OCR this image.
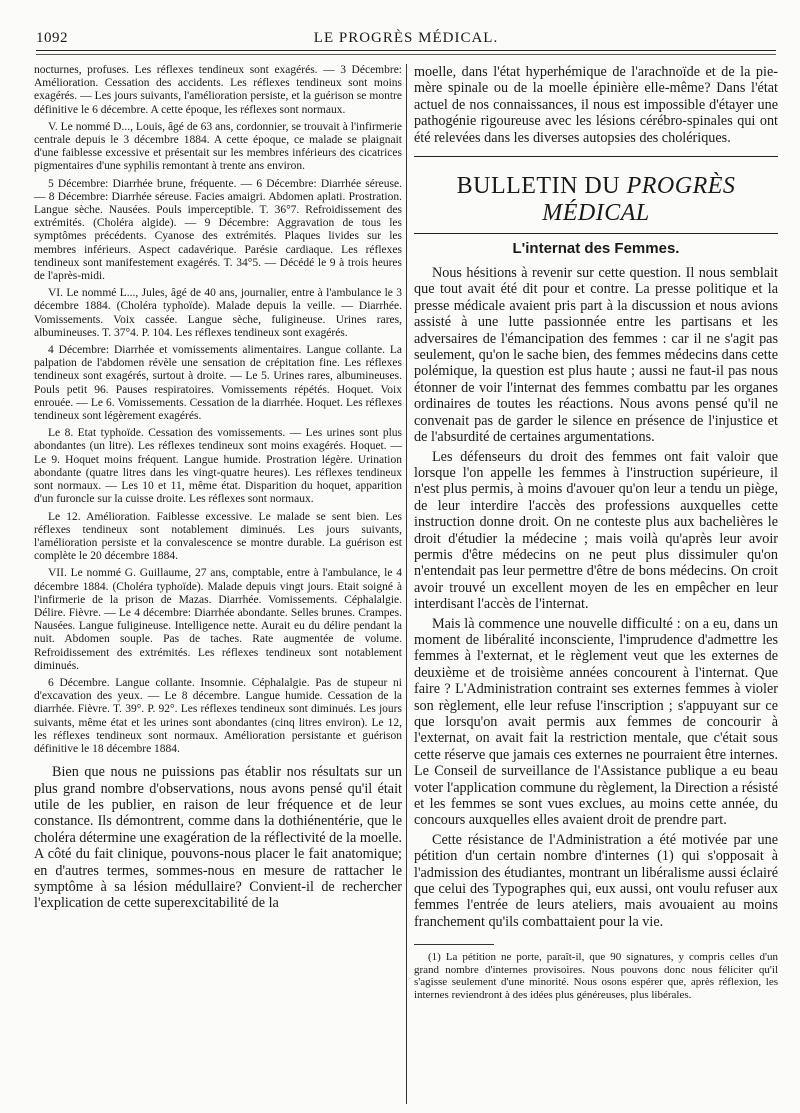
1092	LE PROGRÈS MÉDICAL.

nocturnes, profuses. Les réflexes tendineux sont exagérés. — 3 Décembre: Amélioration. Cessation des accidents. Les réflexes tendineux sont moins exagérés. — Les jours suivants, l'amélioration persiste, et la guérison se montre définitive le 6 décembre. A cette époque, les réflexes sont normaux.

V. Le nommé D..., Louis, âgé de 63 ans, cordonnier, se trouvait à l'infirmerie centrale depuis le 3 décembre 1884. A cette époque, ce malade se plaignait d'une faiblesse excessive et présentait sur les membres inférieurs des cicatrices pigmentaires d'une syphilis remontant à trente ans environ.

5 Décembre: Diarrhée brune, fréquente. — 6 Décembre: Diarrhée séreuse. — 8 Décembre: Diarrhée séreuse. Facies amaigri. Abdomen aplati. Prostration. Langue sèche. Nausées. Pouls imperceptible. T. 36°7. Refroidissement des extrémités. (Choléra algide). — 9 Décembre: Aggravation de tous les symptômes précédents. Cyanose des extrémités. Plaques livides sur les membres inférieurs. Aspect cadavérique. Parésie cardiaque. Les réflexes tendineux sont manifestement exagérés. T. 34°5. — Décédé le 9 à trois heures de l'après-midi.

VI. Le nommé L..., Jules, âgé de 40 ans, journalier, entre à l'ambulance le 3 décembre 1884. (Choléra typhoïde). Malade depuis la veille. — Diarrhée. Vomissements. Voix cassée. Langue sèche, fuligineuse. Urines rares, albumineuses. T. 37°4. P. 104. Les réflexes tendineux sont exagérés.

4 Décembre: Diarrhée et vomissements alimentaires. Langue collante. La palpation de l'abdomen révèle une sensation de crépitation fine. Les réflexes tendineux sont exagérés, surtout à droite. — Le 5. Urines rares, albumineuses. Pouls petit 96. Pauses respiratoires. Vomissements répétés. Hoquet. Voix enrouée. — Le 6. Vomissements. Cessation de la diarrhée. Hoquet. Les réflexes tendineux sont légèrement exagérés.

Le 8. Etat typhoïde. Cessation des vomissements. — Les urines sont plus abondantes (un litre). Les réflexes tendineux sont moins exagérés. Hoquet. — Le 9. Hoquet moins fréquent. Langue humide. Prostration légère. Urination abondante (quatre litres dans les vingt-quatre heures). Les réflexes tendineux sont normaux. — Les 10 et 11, même état. Disparition du hoquet, apparition d'un furoncle sur la cuisse droite. Les réflexes sont normaux.

Le 12. Amélioration. Faiblesse excessive. Le malade se sent bien. Les réflexes tendineux sont notablement diminués. Les jours suivants, l'amélioration persiste et la convalescence se montre durable. La guérison est complète le 20 décembre 1884.

VII. Le nommé G. Guillaume, 27 ans, comptable, entre à l'ambulance, le 4 décembre 1884. (Choléra typhoïde). Malade depuis vingt jours. Etait soigné à l'infirmerie de la prison de Mazas. Diarrhée. Vomissements. Céphalalgie. Délire. Fièvre. — Le 4 décembre: Diarrhée abondante. Selles brunes. Crampes. Nausées. Langue fuligineuse. Intelligence nette. Aurait eu du délire pendant la nuit. Abdomen souple. Pas de taches. Rate augmentée de volume. Refroidissement des extrémités. Les réflexes tendineux sont notablement diminués.

6 Décembre. Langue collante. Insomnie. Céphalalgie. Pas de stupeur ni d'excavation des yeux. — Le 8 décembre. Langue humide. Cessation de la diarrhée. Fièvre. T. 39°. P. 92°. Les réflexes tendineux sont diminués. Les jours suivants, même état et les urines sont abondantes (cinq litres environ). Le 12, les réflexes tendineux sont normaux. Amélioration persistante et guérison définitive le 18 décembre 1884.

Bien que nous ne puissions pas établir nos résultats sur un plus grand nombre d'observations, nous avons pensé qu'il était utile de les publier, en raison de leur fréquence et de leur constance. Ils démontrent, comme dans la dothiénentérie, que le choléra détermine une exagération de la réflectivité de la moelle. A côté du fait clinique, pouvons-nous placer le fait anatomique; en d'autres termes, sommes-nous en mesure de rattacher le symptôme à sa lésion médullaire? Convient-il de rechercher l'explication de cette superexcitabilité de la

moelle, dans l'état hyperhémique de l'arachnoïde et de la pie-mère spinale ou de la moelle épinière elle-même? Dans l'état actuel de nos connaissances, il nous est impossible d'étayer une pathogénie rigoureuse avec les lésions cérébro-spinales qui ont été relevées dans les diverses autopsies des cholériques.

BULLETIN DU PROGRÈS MÉDICAL
L'internat des Femmes.

Nous hésitions à revenir sur cette question. Il nous semblait que tout avait été dit pour et contre. La presse politique et la presse médicale avaient pris part à la discussion et nous avions assisté à une lutte passionnée entre les partisans et les adversaires de l'émancipation des femmes : car il ne s'agit pas seulement, qu'on le sache bien, des femmes médecins dans cette polémique, la question est plus haute ; aussi ne faut-il pas nous étonner de voir l'internat des femmes combattu par les organes ordinaires de toutes les réactions. Nous avons pensé qu'il ne convenait pas de garder le silence en présence de l'injustice et de l'absurdité de certaines argumentations.

Les défenseurs du droit des femmes ont fait valoir que lorsque l'on appelle les femmes à l'instruction supérieure, il n'est plus permis, à moins d'avouer qu'on leur a tendu un piège, de leur interdire l'accès des professions auxquelles cette instruction donne droit. On ne conteste plus aux bachelières le droit d'étudier la médecine ; mais voilà qu'après leur avoir permis d'être médecins on ne peut plus dissimuler qu'on n'entendait pas leur permettre d'être de bons médecins. On croit avoir trouvé un excellent moyen de les en empêcher en leur interdisant l'accès de l'internat.

Mais là commence une nouvelle difficulté : on a eu, dans un moment de libéralité inconsciente, l'imprudence d'admettre les femmes à l'externat, et le règlement veut que les externes de deuxième et de troisième années concourent à l'internat. Que faire ? L'Administration contraint ses externes femmes à violer son règlement, elle leur refuse l'inscription ; s'appuyant sur ce que lorsqu'on avait permis aux femmes de concourir à l'externat, on avait fait la restriction mentale, que c'était sous cette réserve que jamais ces externes ne pourraient être internes. Le Conseil de surveillance de l'Assistance publique a eu beau voter l'application commune du règlement, la Direction a résisté et les femmes se sont vues exclues, au moins cette année, du concours auxquelles elles avaient droit de prendre part.

Cette résistance de l'Administration a été motivée par une pétition d'un certain nombre d'internes (1) qui s'opposait à l'admission des étudiantes, montrant un libéralisme aussi éclairé que celui des Typographes qui, eux aussi, ont voulu refuser aux femmes l'entrée de leurs ateliers, mais avouaient au moins franchement qu'ils combattaient pour la vie.

(1) La pétition ne porte, paraît-il, que 90 signatures, y compris celles d'un grand nombre d'internes provisoires. Nous pouvons donc nous féliciter qu'il s'agisse seulement d'une minorité. Nous osons espérer que, après réflexion, les internes reviendront à des idées plus généreuses, plus libérales.
